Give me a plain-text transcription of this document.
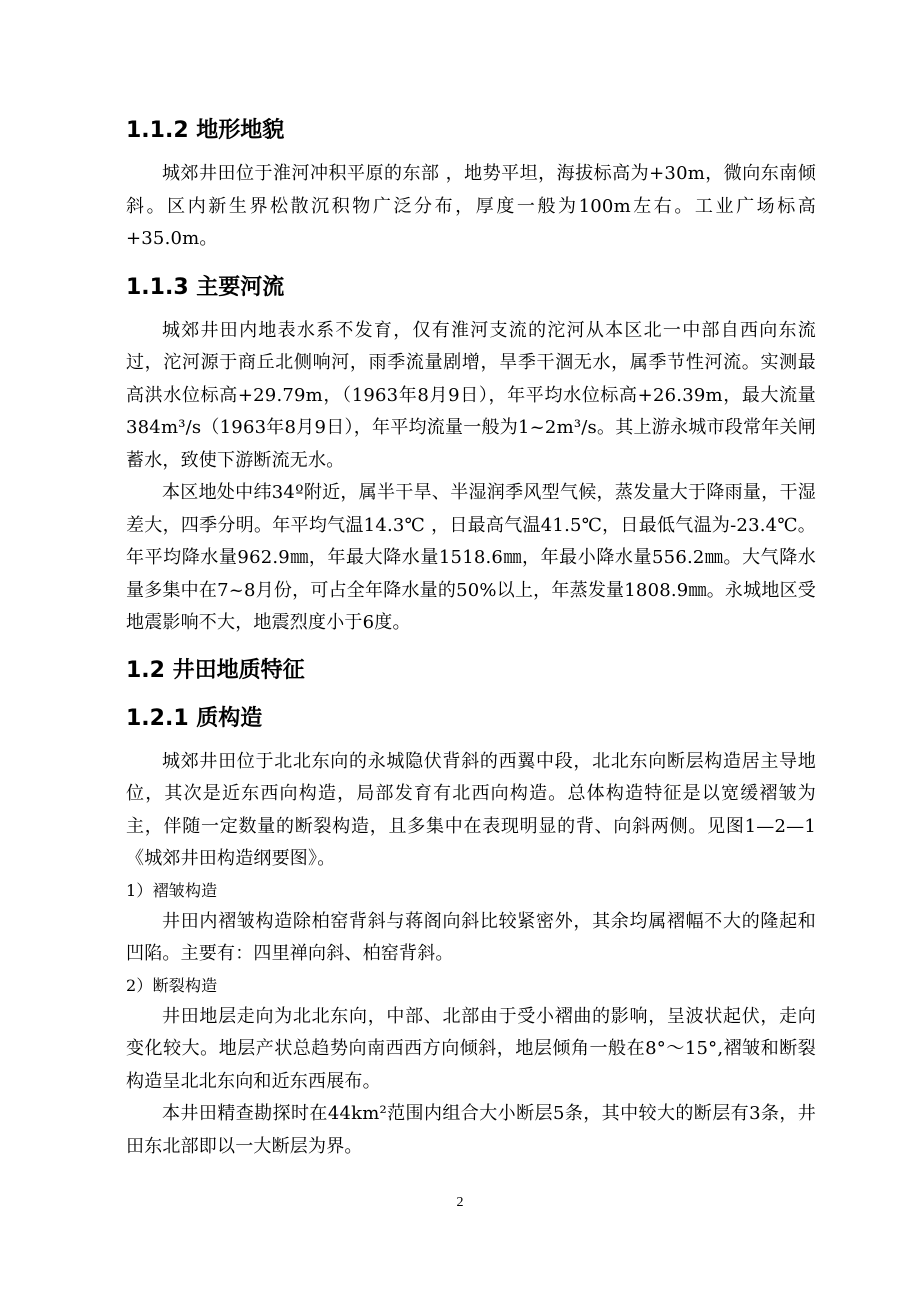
1.1.2 地形地貌

城郊井田位于淮河冲积平原的东部 ，地势平坦，海拔标高为+30m，微向东南倾斜。区内新生界松散沉积物广泛分布，厚度一般为100m左右。工业广场标高+35.0m。

1.1.3 主要河流

城郊井田内地表水系不发育，仅有淮河支流的沱河从本区北一中部自西向东流过，沱河源于商丘北侧响河，雨季流量剧增，旱季干涸无水，属季节性河流。实测最高洪水位标高+29.79m，（1963年8月9日），年平均水位标高+26.39m，最大流量384m³/s（1963年8月9日），年平均流量一般为1~2m³/s。其上游永城市段常年关闸蓄水，致使下游断流无水。

本区地处中纬34º附近，属半干旱、半湿润季风型气候，蒸发量大于降雨量，干湿差大，四季分明。年平均气温14.3℃ ，日最高气温41.5℃，日最低气温为-23.4℃。年平均降水量962.9㎜，年最大降水量1518.6㎜，年最小降水量556.2㎜。大气降水量多集中在7~8月份，可占全年降水量的50%以上，年蒸发量1808.9㎜。永城地区受地震影响不大，地震烈度小于6度。

1.2 井田地质特征
1.2.1 质构造

城郊井田位于北北东向的永城隐伏背斜的西翼中段，北北东向断层构造居主导地位，其次是近东西向构造，局部发育有北西向构造。总体构造特征是以宽缓褶皱为主，伴随一定数量的断裂构造，且多集中在表现明显的背、向斜两侧。见图1—2—1《城郊井田构造纲要图》。

1）褶皱构造

井田内褶皱构造除柏窑背斜与蒋阁向斜比较紧密外，其余均属褶幅不大的隆起和凹陷。主要有：四里禅向斜、柏窑背斜。

2）断裂构造

井田地层走向为北北东向，中部、北部由于受小褶曲的影响，呈波状起伏，走向变化较大。地层产状总趋势向南西西方向倾斜，地层倾角一般在8°～15°,褶皱和断裂构造呈北北东向和近东西展布。

本井田精查勘探时在44km²范围内组合大小断层5条，其中较大的断层有3条，井田东北部即以一大断层为界。

2
